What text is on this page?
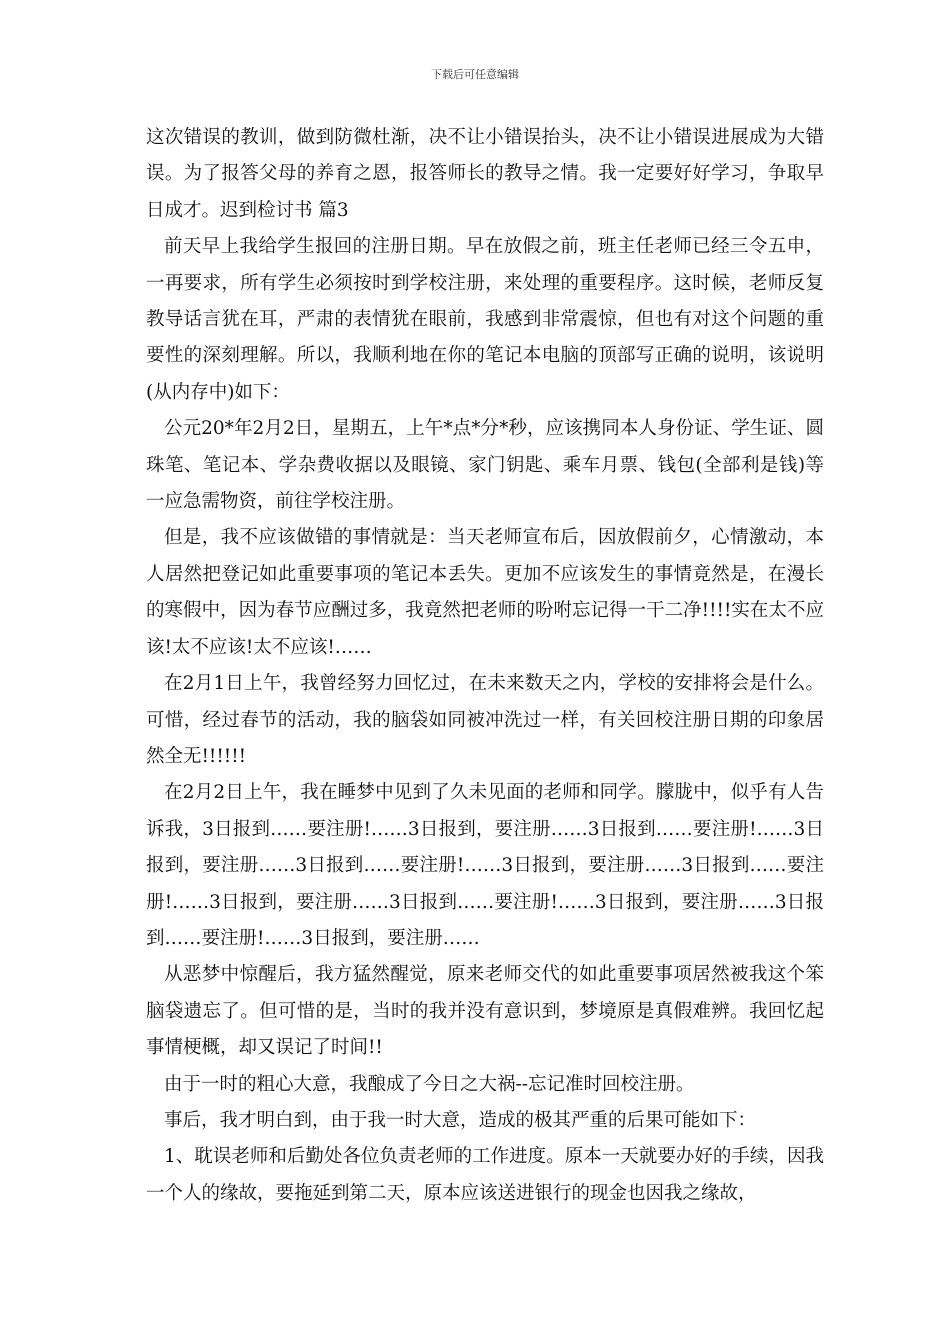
下载后可任意编辑

这次错误的教训，做到防微杜渐，决不让小错误抬头，决不让小错误进展成为大错误。为了报答父母的养育之恩，报答师长的教导之情。我一定要好好学习，争取早日成才。迟到检讨书 篇3

前天早上我给学生报回的注册日期。早在放假之前，班主任老师已经三令五申，一再要求，所有学生必须按时到学校注册，来处理的重要程序。这时候，老师反复教导话言犹在耳，严肃的表情犹在眼前，我感到非常震惊，但也有对这个问题的重要性的深刻理解。所以，我顺利地在你的笔记本电脑的顶部写正确的说明，该说明(从内存中)如下：

公元20*年2月2日，星期五，上午*点*分*秒，应该携同本人身份证、学生证、圆珠笔、笔记本、学杂费收据以及眼镜、家门钥匙、乘车月票、钱包(全部利是钱)等一应急需物资，前往学校注册。

但是，我不应该做错的事情就是：当天老师宣布后，因放假前夕，心情激动，本人居然把登记如此重要事项的笔记本丢失。更加不应该发生的事情竟然是，在漫长的寒假中，因为春节应酬过多，我竟然把老师的吩咐忘记得一干二净!!!!实在太不应该!太不应该!太不应该!……

在2月1日上午，我曾经努力回忆过，在未来数天之内，学校的安排将会是什么。可惜，经过春节的活动，我的脑袋如同被冲洗过一样，有关回校注册日期的印象居然全无!!!!!!

在2月2日上午，我在睡梦中见到了久未见面的老师和同学。朦胧中，似乎有人告诉我，3日报到……要注册!……3日报到，要注册……3日报到……要注册!……3日报到，要注册……3日报到……要注册!……3日报到，要注册……3日报到……要注册!……3日报到，要注册……3日报到……要注册!……3日报到，要注册……3日报到……要注册!……3日报到，要注册……

从恶梦中惊醒后，我方猛然醒觉，原来老师交代的如此重要事项居然被我这个笨脑袋遗忘了。但可惜的是，当时的我并没有意识到，梦境原是真假难辨。我回忆起事情梗概，却又误记了时间!!

由于一时的粗心大意，我酿成了今日之大祸--忘记准时回校注册。

事后，我才明白到，由于我一时大意，造成的极其严重的后果可能如下：

1、耽误老师和后勤处各位负责老师的工作进度。原本一天就要办好的手续，因我一个人的缘故，要拖延到第二天，原本应该送进银行的现金也因我之缘故，
